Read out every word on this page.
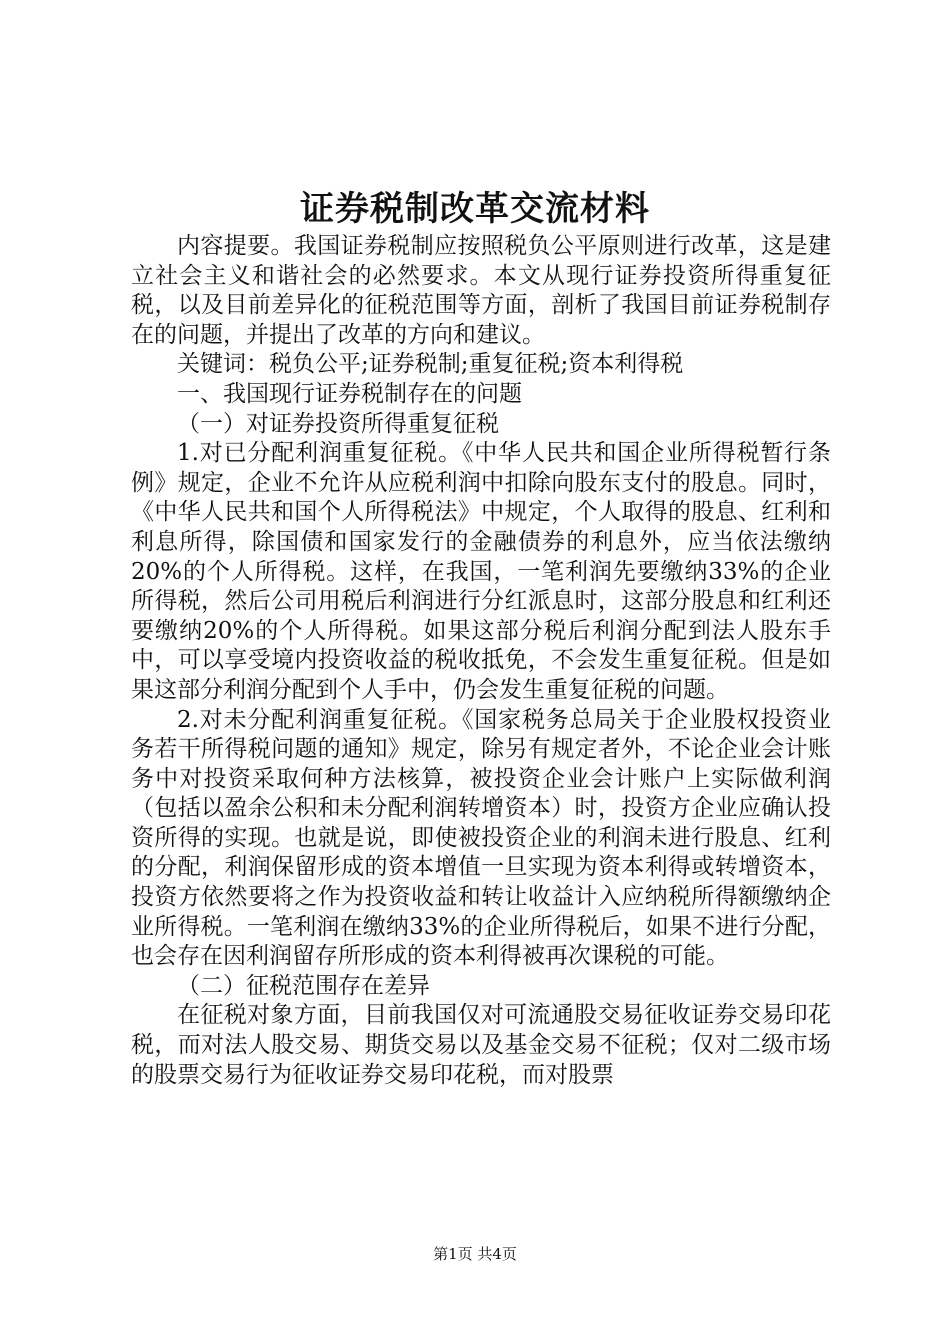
证券税制改革交流材料

内容提要。我国证券税制应按照税负公平原则进行改革，这是建立社会主义和谐社会的必然要求。本文从现行证券投资所得重复征税，以及目前差异化的征税范围等方面，剖析了我国目前证券税制存在的问题，并提出了改革的方向和建议。

关键词：税负公平;证券税制;重复征税;资本利得税

一、我国现行证券税制存在的问题

（一）对证券投资所得重复征税

1.对已分配利润重复征税。《中华人民共和国企业所得税暂行条例》规定，企业不允许从应税利润中扣除向股东支付的股息。同时，《中华人民共和国个人所得税法》中规定，个人取得的股息、红利和利息所得，除国债和国家发行的金融债券的利息外，应当依法缴纳20%的个人所得税。这样，在我国，一笔利润先要缴纳33%的企业所得税，然后公司用税后利润进行分红派息时，这部分股息和红利还要缴纳20%的个人所得税。如果这部分税后利润分配到法人股东手中，可以享受境内投资收益的税收抵免，不会发生重复征税。但是如果这部分利润分配到个人手中，仍会发生重复征税的问题。

2.对未分配利润重复征税。《国家税务总局关于企业股权投资业务若干所得税问题的通知》规定，除另有规定者外，不论企业会计账务中对投资采取何种方法核算，被投资企业会计账户上实际做利润（包括以盈余公积和未分配利润转增资本）时，投资方企业应确认投资所得的实现。也就是说，即使被投资企业的利润未进行股息、红利的分配，利润保留形成的资本增值一旦实现为资本利得或转增资本，投资方依然要将之作为投资收益和转让收益计入应纳税所得额缴纳企业所得税。一笔利润在缴纳33%的企业所得税后，如果不进行分配，也会存在因利润留存所形成的资本利得被再次课税的可能。

（二）征税范围存在差异

在征税对象方面，目前我国仅对可流通股交易征收证券交易印花税，而对法人股交易、期货交易以及基金交易不征税；仅对二级市场的股票交易行为征收证券交易印花税，而对股票

第1页 共4页
